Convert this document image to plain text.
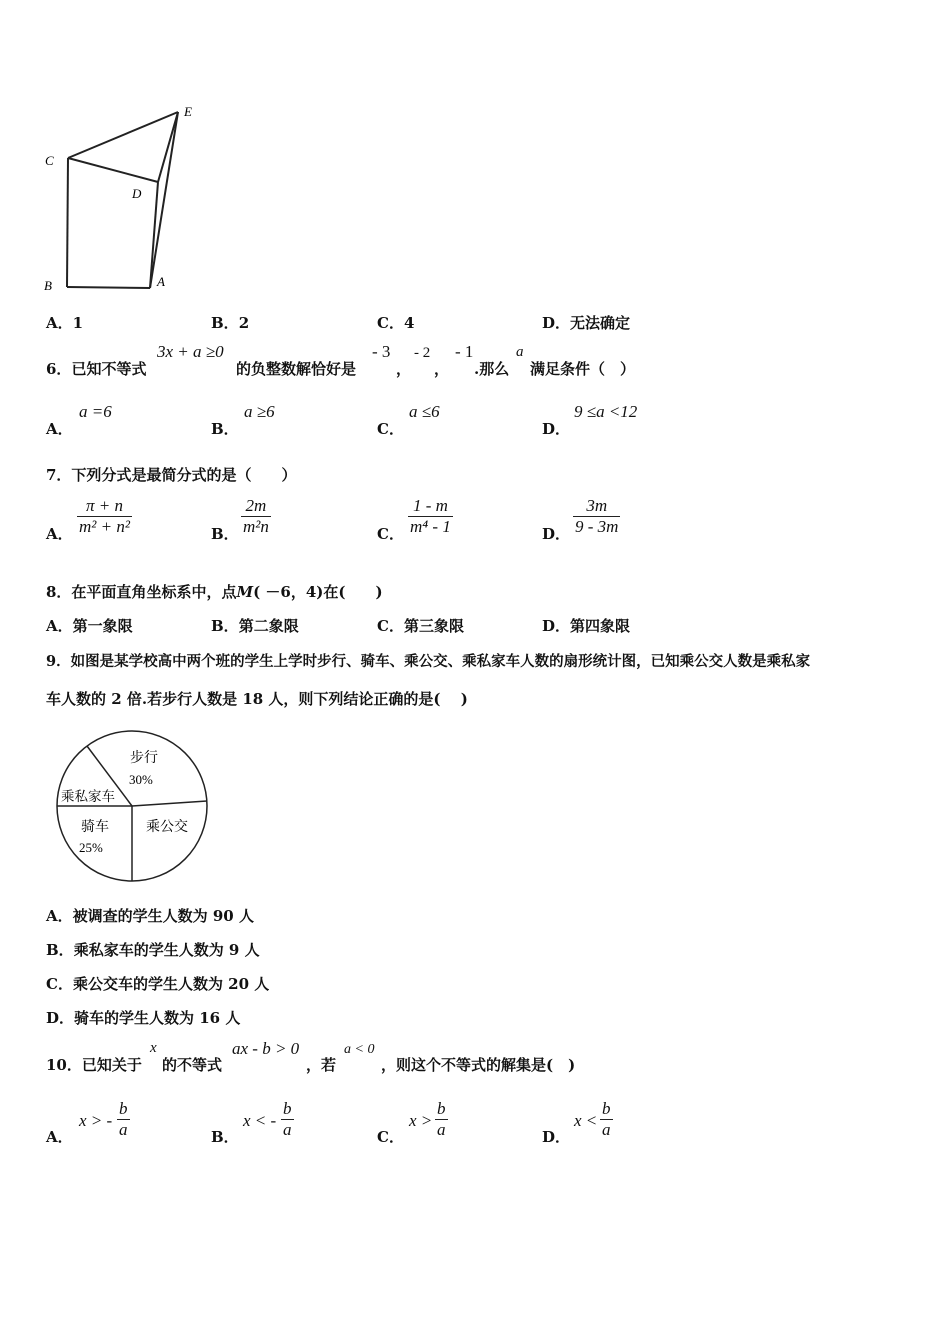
E
C
D
B	A
A．1	B．2	C．4	D．无法确定
6．已知不等式
3x + a ≥0
的负整数解恰好是
- 3
，
- 2
，
- 1
.那么
a
满足条件（　）
A．
a =6
B．
a ≥6
C．
a ≤6
D．
9 ≤a <12
7．下列分式是最简分式的是（　　）
A． $\frac{\pi + n}{\text{m² + n²}}$	B． $\frac{2m}{\text{m²n}}$	C． $\frac{1 - m}{\text{m⁴ - 1}}$	D． $\frac{3m}{9 - 3m}$
8．在平面直角坐标系中，点M( －6，4)在(　　)
A．第一象限	B．第二象限	C．第三象限	D．第四象限
9．如图是某学校高中两个班的学生上学时步行、骑车、乘公交、乘私家车人数的扇形统计图，已知乘公交人数是乘私家
车人数的 2 倍.若步行人数是 18 人，则下列结论正确的是(　 )
步行
30%
乘私家车
骑车
25%
乘公交
A．被调查的学生人数为 90 人
B．乘私家车的学生人数为 9 人
C．乘公交车的学生人数为 20 人
D．骑车的学生人数为 16 人
10．已知关于
x
的不等式
ax - b > 0
，若
a < 0
，则这个不等式的解集是(　)
A．
x > - $\frac{b}{a}$	B．
x < - $\frac{b}{a}$	C．
$x > \frac{b}{a}$	D．
$x < \frac{b}{a}$
